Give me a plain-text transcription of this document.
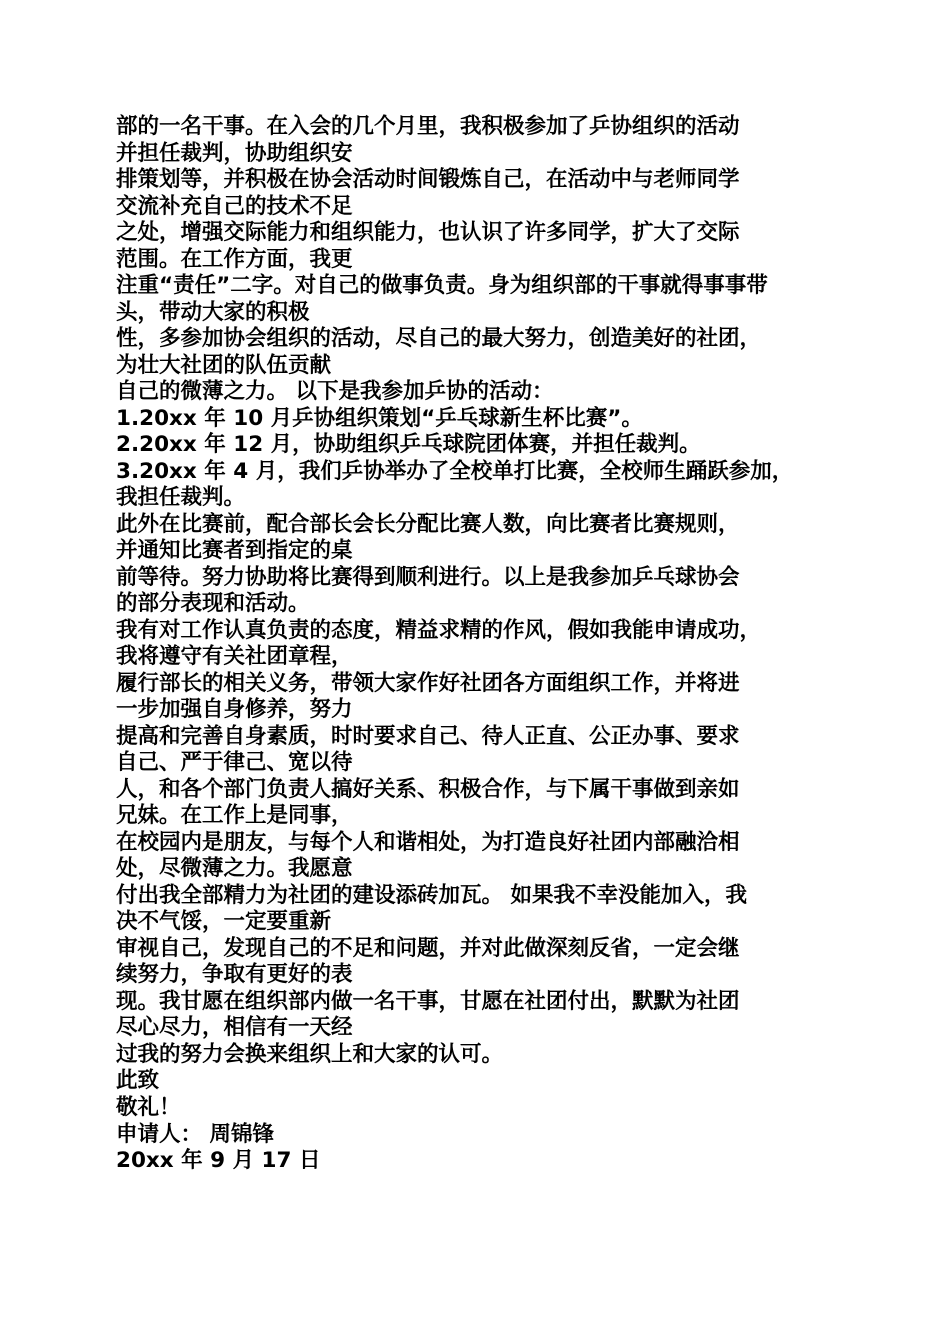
部的一名干事。在入会的几个月里，我积极参加了乒协组织的活动
并担任裁判，协助组织安
排策划等，并积极在协会活动时间锻炼自己，在活动中与老师同学
交流补充自己的技术不足
之处，增强交际能力和组织能力，也认识了许多同学，扩大了交际
范围。在工作方面，我更
注重“责任”二字。对自己的做事负责。身为组织部的干事就得事事带
头，带动大家的积极
性，多参加协会组织的活动，尽自己的最大努力，创造美好的社团，
为壮大社团的队伍贡献
自己的微薄之力。 以下是我参加乒协的活动：
1.20xx 年 10 月乒协组织策划“乒乓球新生杯比赛”。
2.20xx 年 12 月，协助组织乒乓球院团体赛，并担任裁判。
3.20xx 年 4 月，我们乒协举办了全校单打比赛，全校师生踊跃参加，
我担任裁判。
此外在比赛前，配合部长会长分配比赛人数，向比赛者比赛规则，
并通知比赛者到指定的桌
前等待。努力协助将比赛得到顺利进行。以上是我参加乒乓球协会
的部分表现和活动。
我有对工作认真负责的态度，精益求精的作风，假如我能申请成功，
我将遵守有关社团章程，
履行部长的相关义务，带领大家作好社团各方面组织工作，并将进
一步加强自身修养，努力
提高和完善自身素质，时时要求自己、待人正直、公正办事、要求
自己、严于律己、宽以待
人，和各个部门负责人搞好关系、积极合作，与下属干事做到亲如
兄妹。在工作上是同事，
在校园内是朋友，与每个人和谐相处，为打造良好社团内部融洽相
处，尽微薄之力。我愿意
付出我全部精力为社团的建设添砖加瓦。 如果我不幸没能加入，我
决不气馁，一定要重新
审视自己，发现自己的不足和问题，并对此做深刻反省，一定会继
续努力，争取有更好的表
现。我甘愿在组织部内做一名干事，甘愿在社团付出，默默为社团
尽心尽力，相信有一天经
过我的努力会换来组织上和大家的认可。
此致
敬礼！
申请人： 周锦锋
20xx 年 9 月 17 日
